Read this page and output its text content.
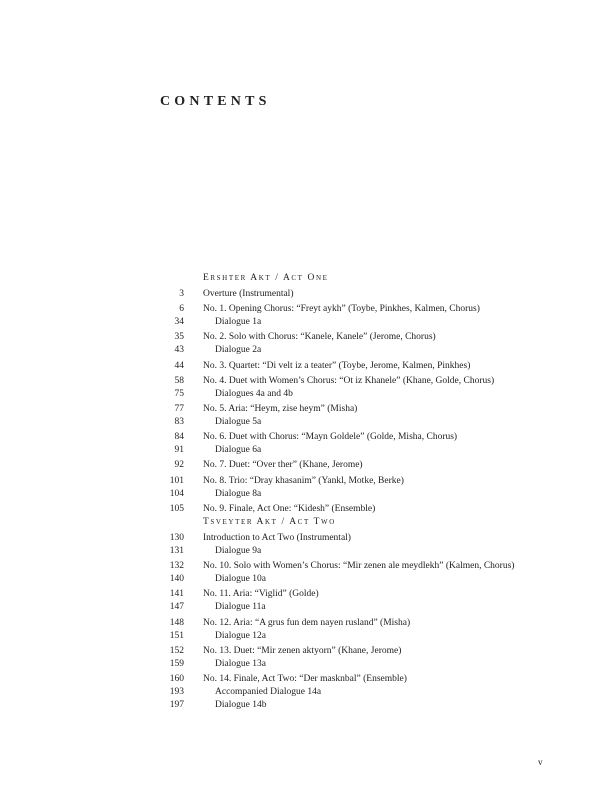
CONTENTS
Ershter Akt / Act One
3 Overture (Instrumental)
6 No. 1. Opening Chorus: “Freyt aykh” (Toybe, Pinkhes, Kalmen, Chorus)
34	Dialogue 1a
35 No. 2. Solo with Chorus: “Kanele, Kanele” (Jerome, Chorus)
43	Dialogue 2a
44 No. 3. Quartet: “Di velt iz a teater” (Toybe, Jerome, Kalmen, Pinkhes)
58 No. 4. Duet with Women’s Chorus: “Ot iz Khanele” (Khane, Golde, Chorus)
75	Dialogues 4a and 4b
77 No. 5. Aria: “Heym, zise heym” (Misha)
83	Dialogue 5a
84 No. 6. Duet with Chorus: “Mayn Goldele” (Golde, Misha, Chorus)
91	Dialogue 6a
92 No. 7. Duet: “Over ther” (Khane, Jerome)
101 No. 8. Trio: “Dray khasanim” (Yankl, Motke, Berke)
104	Dialogue 8a
105 No. 9. Finale, Act One: “Kidesh” (Ensemble)
Tsveyter Akt / Act Two
130 Introduction to Act Two (Instrumental)
131	Dialogue 9a
132 No. 10. Solo with Women’s Chorus: “Mir zenen ale meydlekh” (Kalmen, Chorus)
140	Dialogue 10a
141 No. 11. Aria: “Viglid” (Golde)
147	Dialogue 11a
148 No. 12. Aria: “A grus fun dem nayen rusland” (Misha)
151	Dialogue 12a
152 No. 13. Duet: “Mir zenen aktyorn” (Khane, Jerome)
159	Dialogue 13a
160 No. 14. Finale, Act Two: “Der masknbal” (Ensemble)
193	Accompanied Dialogue 14a
197	Dialogue 14b
v
